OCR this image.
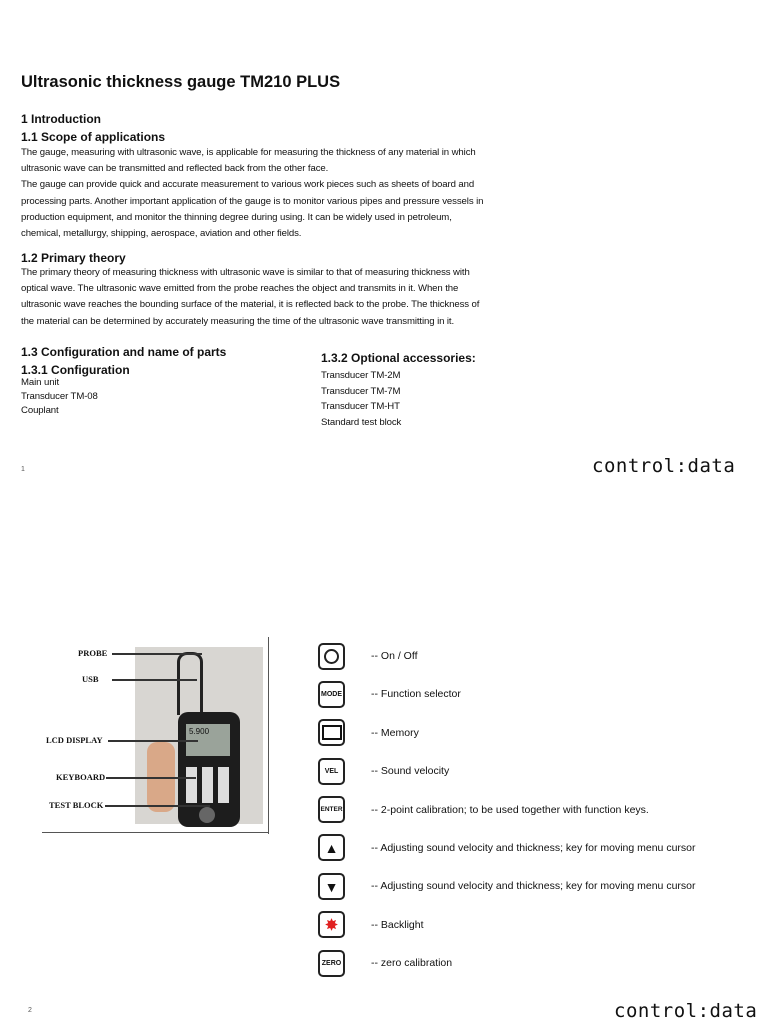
Ultrasonic thickness gauge TM210 PLUS
1 Introduction
1.1 Scope of applications
The gauge, measuring with ultrasonic wave, is applicable for measuring the thickness of any material in which
ultrasonic wave can be transmitted and reflected back from the other face.
The gauge can provide quick and accurate measurement to various work pieces such as sheets of board and
processing parts. Another important application of the gauge is to monitor various pipes and pressure vessels in
production equipment, and monitor the thinning degree during using. It can be widely used in petroleum,
chemical, metallurgy, shipping, aerospace, aviation and other fields.
1.2 Primary theory
The primary theory of measuring thickness with ultrasonic wave is similar to that of measuring thickness with
optical wave. The ultrasonic wave emitted from the probe reaches the object and transmits in it. When the
ultrasonic wave reaches the bounding surface of the material, it is reflected back to the probe. The thickness of
the material can be determined by accurately measuring the time of the ultrasonic wave transmitting in it.
1.3 Configuration and name of parts
1.3.1 Configuration
Main unit
Transducer TM-08
Couplant
1.3.2 Optional accessories:
Transducer TM-2M
Transducer TM-7M
Transducer TM-HT
Standard test block
1	control:data
5.900
PROBE
USB
LCD DISPLAY
KEYBOARD
TEST BLOCK
-- On / Off
MODE	-- Function selector
-- Memory
VEL	-- Sound velocity
ENTER	-- 2-point calibration; to be used together with function keys.
▲	-- Adjusting sound velocity and thickness; key for moving menu cursor
▼	-- Adjusting sound velocity and thickness; key for moving menu cursor
✸	-- Backlight
ZERO	-- zero calibration
2	control:data
